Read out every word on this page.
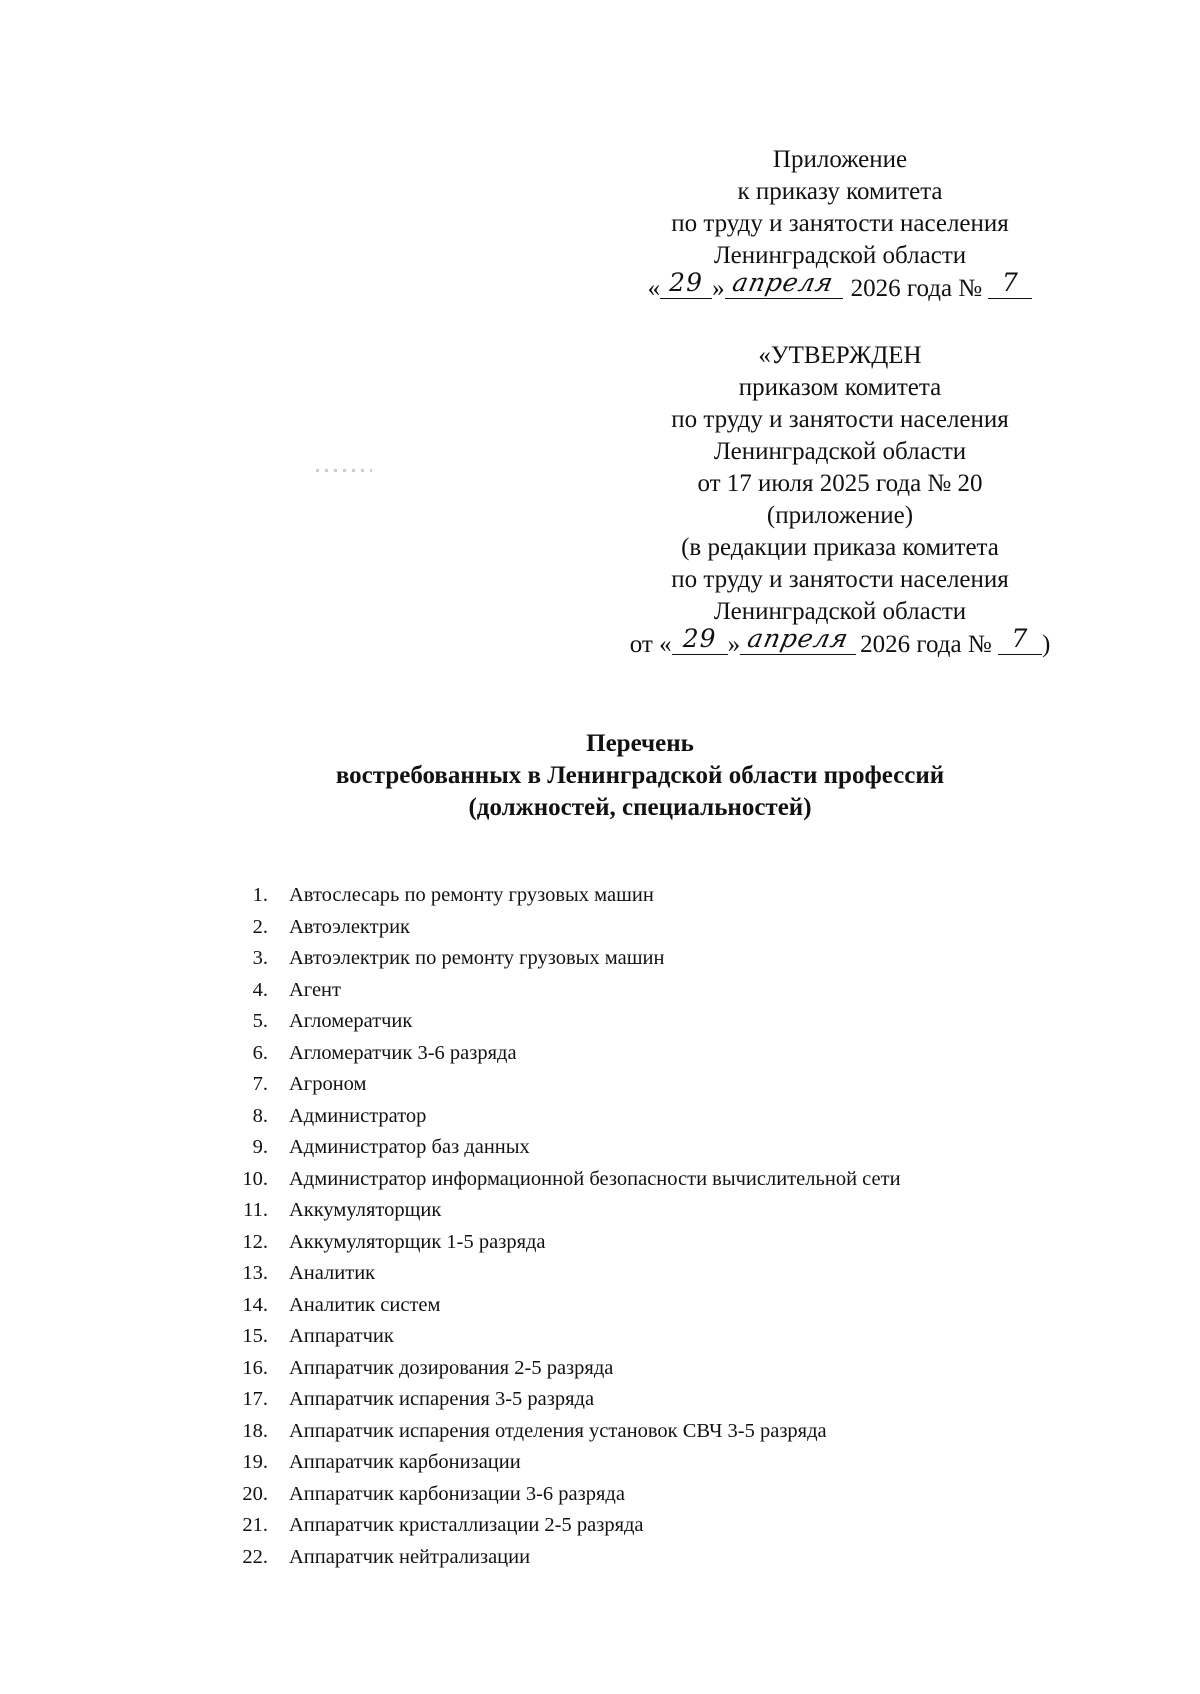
Приложение
к приказу комитета
по труду и занятости населения
Ленинградской области
« 29 » апреля 2026 года № 7
«УТВЕРЖДЕН
приказом комитета
по труду и занятости населения
Ленинградской области
от 17 июля 2025 года № 20
(приложение)
(в редакции приказа комитета
по труду и занятости населения
Ленинградской области
от « 29 » апреля 2026 года № 7 )
Перечень
востребованных в Ленинградской области профессий
(должностей, специальностей)
1. Автослесарь по ремонту грузовых машин
2. Автоэлектрик
3. Автоэлектрик по ремонту грузовых машин
4. Агент
5. Агломератчик
6. Агломератчик 3-6 разряда
7. Агроном
8. Администратор
9. Администратор баз данных
10. Администратор информационной безопасности вычислительной сети
11. Аккумуляторщик
12. Аккумуляторщик 1-5 разряда
13. Аналитик
14. Аналитик систем
15. Аппаратчик
16. Аппаратчик дозирования 2-5 разряда
17. Аппаратчик испарения 3-5 разряда
18. Аппаратчик испарения отделения установок СВЧ 3-5 разряда
19. Аппаратчик карбонизации
20. Аппаратчик карбонизации 3-6 разряда
21. Аппаратчик кристаллизации 2-5 разряда
22. Аппаратчик нейтрализации
